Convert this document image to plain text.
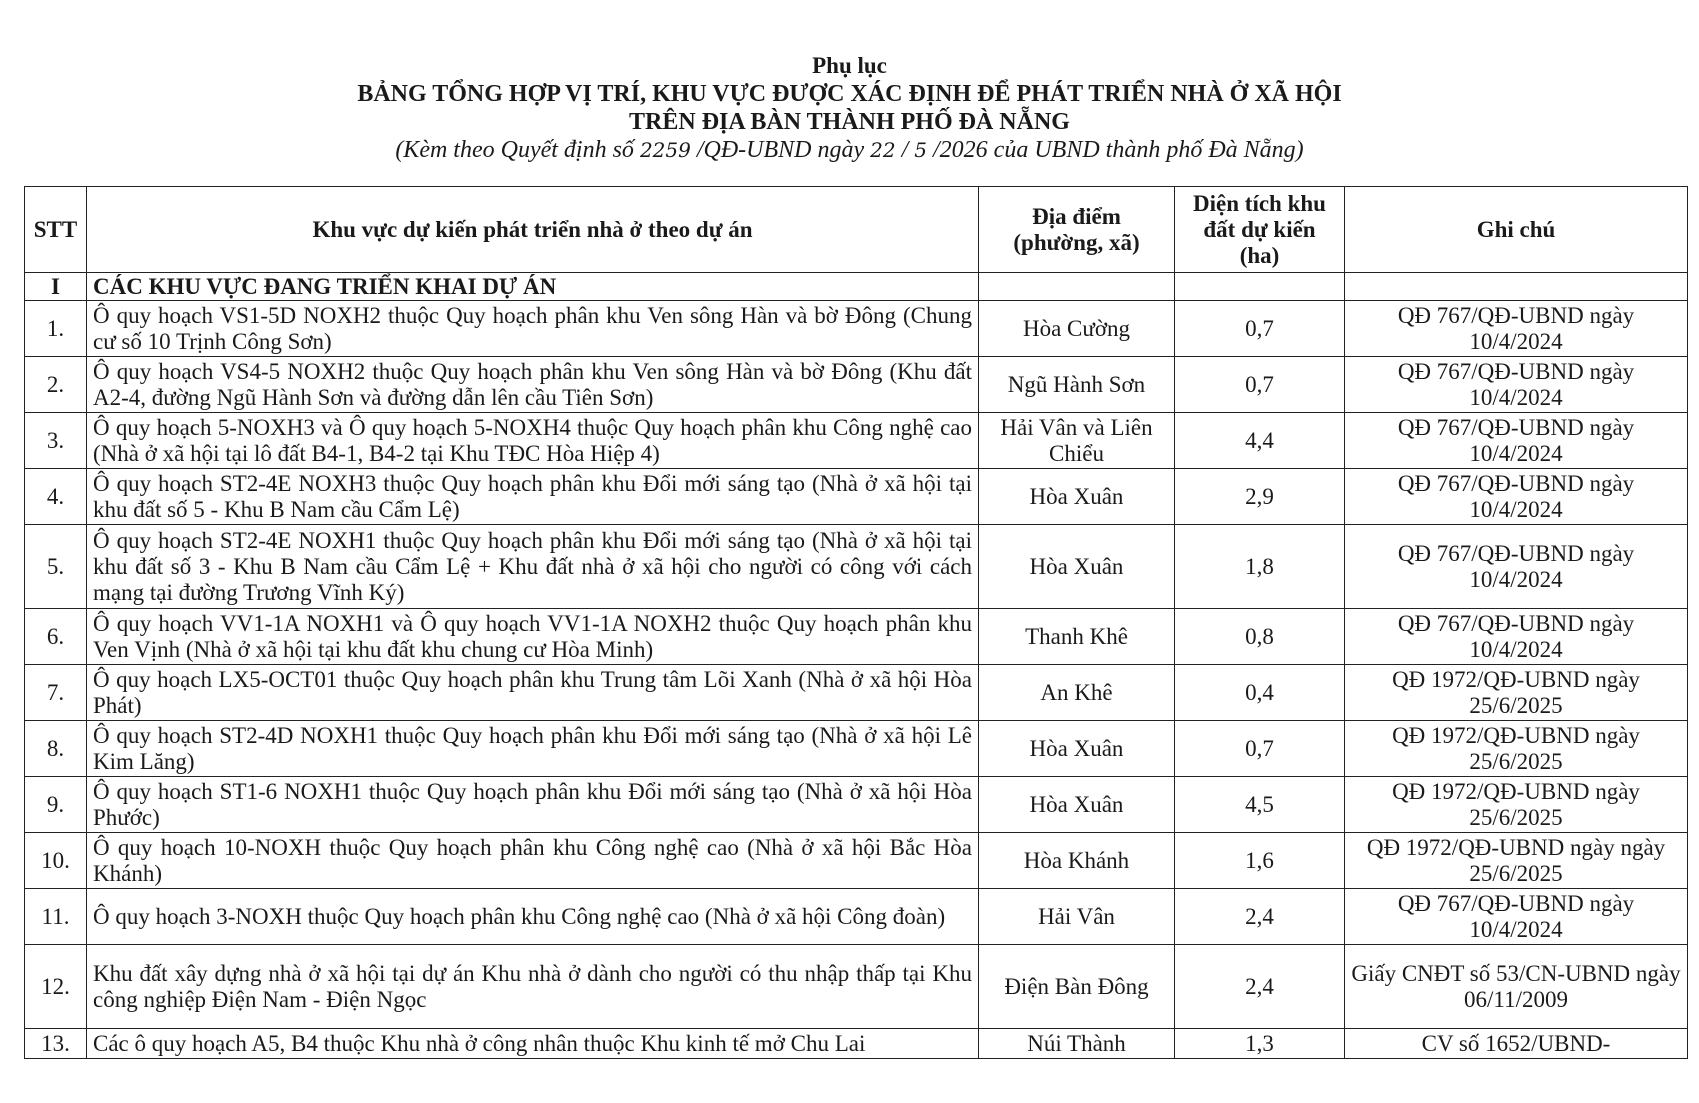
Phụ lục
BẢNG TỔNG HỢP VỊ TRÍ, KHU VỰC ĐƯỢC XÁC ĐỊNH ĐỂ PHÁT TRIỂN NHÀ Ở XÃ HỘI
TRÊN ĐỊA BÀN THÀNH PHỐ ĐÀ NẴNG
(Kèm theo Quyết định số 2259 /QĐ-UBND ngày 22 / 5 /2026 của UBND thành phố Đà Nẵng)
STT	Khu vực dự kiến phát triển nhà ở theo dự án	Địa điểm (phường, xã)	Diện tích khu đất dự kiến (ha)	Ghi chú
I	CÁC KHU VỰC ĐANG TRIỂN KHAI DỰ ÁN			
1.	Ô quy hoạch VS1-5D NOXH2 thuộc Quy hoạch phân khu Ven sông Hàn và bờ Đông (Chung cư số 10 Trịnh Công Sơn)	Hòa Cường	0,7	QĐ 767/QĐ-UBND ngày 10/4/2024
2.	Ô quy hoạch VS4-5 NOXH2 thuộc Quy hoạch phân khu Ven sông Hàn và bờ Đông (Khu đất A2-4, đường Ngũ Hành Sơn và đường dẫn lên cầu Tiên Sơn)	Ngũ Hành Sơn	0,7	QĐ 767/QĐ-UBND ngày 10/4/2024
3.	Ô quy hoạch 5-NOXH3 và Ô quy hoạch 5-NOXH4 thuộc Quy hoạch phân khu Công nghệ cao (Nhà ở xã hội tại lô đất B4-1, B4-2 tại Khu TĐC Hòa Hiệp 4)	Hải Vân và Liên Chiểu	4,4	QĐ 767/QĐ-UBND ngày 10/4/2024
4.	Ô quy hoạch ST2-4E NOXH3 thuộc Quy hoạch phân khu Đổi mới sáng tạo (Nhà ở xã hội tại khu đất số 5 - Khu B Nam cầu Cẩm Lệ)	Hòa Xuân	2,9	QĐ 767/QĐ-UBND ngày 10/4/2024
5.	Ô quy hoạch ST2-4E NOXH1 thuộc Quy hoạch phân khu Đổi mới sáng tạo (Nhà ở xã hội tại khu đất số 3 - Khu B Nam cầu Cẩm Lệ + Khu đất nhà ở xã hội cho người có công với cách mạng tại đường Trương Vĩnh Ký)	Hòa Xuân	1,8	QĐ 767/QĐ-UBND ngày 10/4/2024
6.	Ô quy hoạch VV1-1A NOXH1 và Ô quy hoạch VV1-1A NOXH2 thuộc Quy hoạch phân khu Ven Vịnh (Nhà ở xã hội tại khu đất khu chung cư Hòa Minh)	Thanh Khê	0,8	QĐ 767/QĐ-UBND ngày 10/4/2024
7.	Ô quy hoạch LX5-OCT01 thuộc Quy hoạch phân khu Trung tâm Lõi Xanh (Nhà ở xã hội Hòa Phát)	An Khê	0,4	QĐ 1972/QĐ-UBND ngày 25/6/2025
8.	Ô quy hoạch ST2-4D NOXH1 thuộc Quy hoạch phân khu Đổi mới sáng tạo (Nhà ở xã hội Lê Kim Lăng)	Hòa Xuân	0,7	QĐ 1972/QĐ-UBND ngày 25/6/2025
9.	Ô quy hoạch ST1-6 NOXH1 thuộc Quy hoạch phân khu Đổi mới sáng tạo (Nhà ở xã hội Hòa Phước)	Hòa Xuân	4,5	QĐ 1972/QĐ-UBND ngày 25/6/2025
10.	Ô quy hoạch 10-NOXH thuộc Quy hoạch phân khu Công nghệ cao (Nhà ở xã hội Bắc Hòa Khánh)	Hòa Khánh	1,6	QĐ 1972/QĐ-UBND ngày ngày 25/6/2025
11.	Ô quy hoạch 3-NOXH thuộc Quy hoạch phân khu Công nghệ cao (Nhà ở xã hội Công đoàn)	Hải Vân	2,4	QĐ 767/QĐ-UBND ngày 10/4/2024
12.	Khu đất xây dựng nhà ở xã hội tại dự án Khu nhà ở dành cho người có thu nhập thấp tại Khu công nghiệp Điện Nam - Điện Ngọc	Điện Bàn Đông	2,4	Giấy CNĐT số 53/CN-UBND ngày 06/11/2009
13.	Các ô quy hoạch A5, B4 thuộc Khu nhà ở công nhân thuộc Khu kinh tế mở Chu Lai	Núi Thành	1,3	CV số 1652/UBND-
